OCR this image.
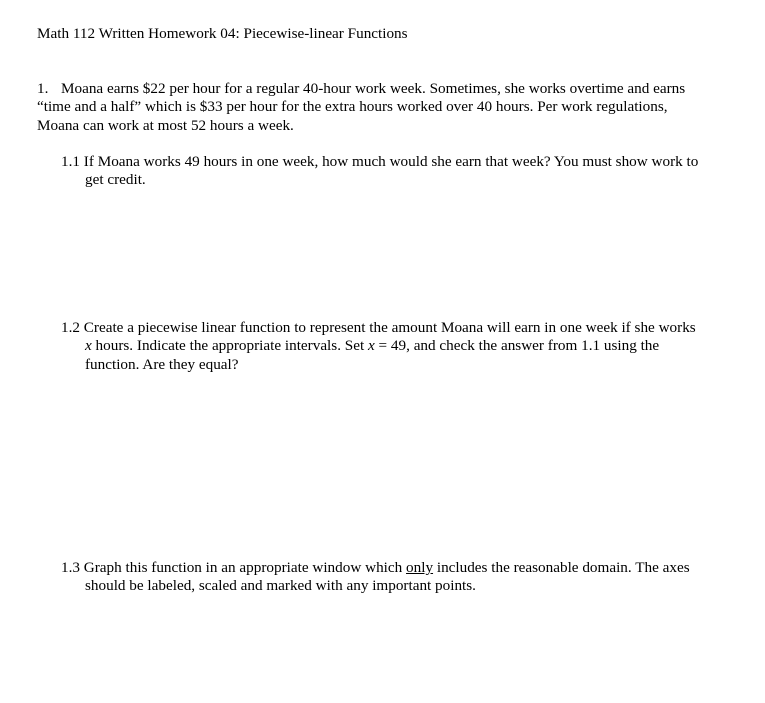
Math 112 Written Homework 04: Piecewise-linear Functions
1. Moana earns $22 per hour for a regular 40-hour work week. Sometimes, she works overtime and earns
“time and a half” which is $33 per hour for the extra hours worked over 40 hours. Per work regulations,
Moana can work at most 52 hours a week.
1.1 If Moana works 49 hours in one week, how much would she earn that week? You must show work to
get credit.
1.2 Create a piecewise linear function to represent the amount Moana will earn in one week if she works
x hours. Indicate the appropriate intervals. Set x = 49, and check the answer from 1.1 using the
function. Are they equal?
1.3 Graph this function in an appropriate window which only includes the reasonable domain. The axes
should be labeled, scaled and marked with any important points.
